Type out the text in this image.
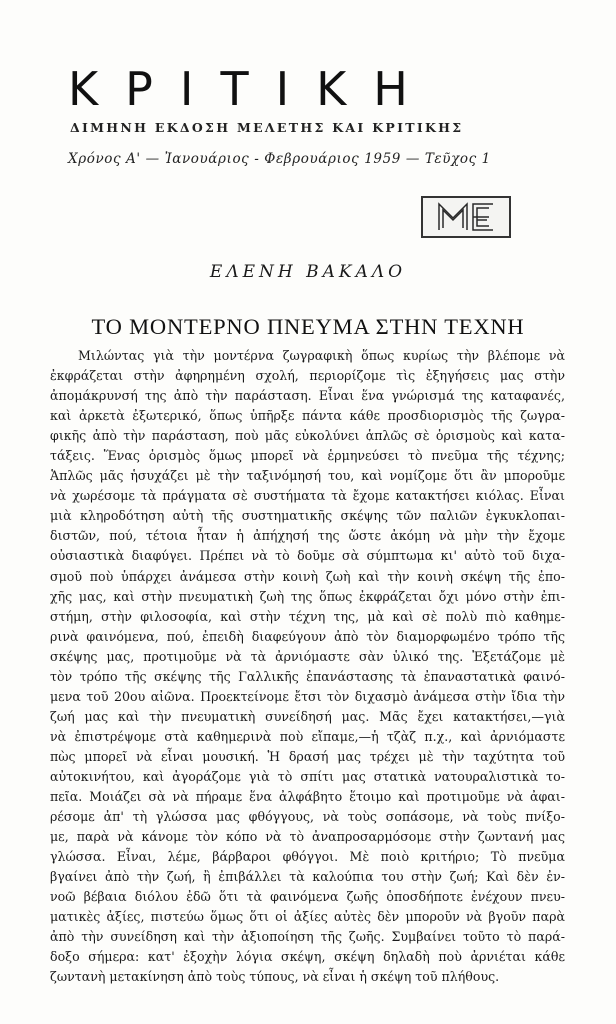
ΚΡΙΤΙΚΗ
ΔΙΜΗΝΗ ΕΚΔΟΣΗ ΜΕΛΕΤΗΣ ΚΑΙ ΚΡΙΤΙΚΗΣ
Χρόνος Α' — Ἰανουάριος - Φεβρουάριος 1959 — Τεῦχος 1
ΕΛΕΝΗ ΒΑΚΑΛΟ
ΤΟ ΜΟΝΤΕΡΝΟ ΠΝΕΥΜΑ ΣΤΗΝ ΤΕΧΝΗ
Μιλώντας γιὰ τὴν μοντέρνα ζωγραφικὴ ὅπως κυρίως τὴν βλέπομε νὰ
ἐκφράζεται στὴν ἀφηρημένη σχολή, περιορίζομε τὶς ἐξηγήσεις μας στὴν
ἀπομάκρυνσή της ἀπὸ τὴν παράσταση. Εἶναι ἕνα γνώρισμά της καταφανές,
καὶ ἀρκετὰ ἐξωτερικό, ὅπως ὑπῆρξε πάντα κάθε προσδιορισμὸς τῆς ζωγρα-
φικῆς ἀπὸ τὴν παράσταση, ποὺ μᾶς εὐκολύνει ἁπλῶς σὲ ὁρισμοὺς καὶ κατα-
τάξεις. Ἕνας ὁρισμὸς ὅμως μπορεῖ νὰ ἑρμηνεύσει τὸ πνεῦμα τῆς τέχνης;
Ἁπλῶς μᾶς ἡσυχάζει μὲ τὴν ταξινόμησή του, καὶ νομίζομε ὅτι ἂν μποροῦμε
νὰ χωρέσομε τὰ πράγματα σὲ συστήματα τὰ ἔχομε κατακτήσει κιόλας. Εἶναι
μιὰ κληροδότηση αὐτὴ τῆς συστηματικῆς σκέψης τῶν παλιῶν ἐγκυκλοπαι-
διστῶν, πού, τέτοια ἦταν ἡ ἀπήχησή της ὥστε ἀκόμη νὰ μὴν τὴν ἔχομε
οὐσιαστικὰ διαφύγει. Πρέπει νὰ τὸ δοῦμε σὰ σύμπτωμα κι' αὐτὸ τοῦ διχα-
σμοῦ ποὺ ὑπάρχει ἀνάμεσα στὴν κοινὴ ζωὴ καὶ τὴν κοινὴ σκέψη τῆς ἐπο-
χῆς μας, καὶ στὴν πνευματικὴ ζωὴ της ὅπως ἐκφράζεται ὄχι μόνο στὴν ἐπι-
στήμη, στὴν φιλοσοφία, καὶ στὴν τέχνη της, μὰ καὶ σὲ πολὺ πιὸ καθημε-
ρινὰ φαινόμενα, πού, ἐπειδὴ διαφεύγουν ἀπὸ τὸν διαμορφωμένο τρόπο τῆς
σκέψης μας, προτιμοῦμε νὰ τὰ ἀρνιόμαστε σὰν ὑλικό της. Ἐξετάζομε μὲ
τὸν τρόπο τῆς σκέψης τῆς Γαλλικῆς ἐπανάστασης τὰ ἐπαναστατικὰ φαινό-
μενα τοῦ 20ου αἰῶνα. Προεκτείνομε ἔτσι τὸν διχασμὸ ἀνάμεσα στὴν ἴδια τὴν
ζωή μας καὶ τὴν πνευματικὴ συνείδησή μας. Μᾶς ἔχει κατακτήσει,—γιὰ
νὰ ἐπιστρέψομε στὰ καθημερινὰ ποὺ εἴπαμε,—ἡ τζὰζ π.χ., καὶ ἀρνιόμαστε
πὼς μπορεῖ νὰ εἶναι μουσική. Ἡ δρασή μας τρέχει μὲ τὴν ταχύτητα τοῦ
αὐτοκινήτου, καὶ ἀγοράζομε γιὰ τὸ σπίτι μας στατικὰ νατουραλιστικὰ το-
πεῖα. Μοιάζει σὰ νὰ πήραμε ἕνα ἀλφάβητο ἕτοιμο καὶ προτιμοῦμε νὰ ἀφαι-
ρέσομε ἀπ' τὴ γλώσσα μας φθόγγους, νὰ τοὺς σοπάσομε, νὰ τοὺς πνίξο-
με, παρὰ νὰ κάνομε τὸν κόπο νὰ τὸ ἀναπροσαρμόσομε στὴν ζωντανή μας
γλώσσα. Εἶναι, λέμε, βάρβαροι φθόγγοι. Μὲ ποιὸ κριτήριο; Τὸ πνεῦμα
βγαίνει ἀπὸ τὴν ζωή, ἢ ἐπιβάλλει τὰ καλούπια του στὴν ζωή; Καὶ δὲν ἐν-
νοῶ βέβαια διόλου ἐδῶ ὅτι τὰ φαινόμενα ζωῆς ὁποσδήποτε ἐνέχουν πνευ-
ματικὲς ἀξίες, πιστεύω ὅμως ὅτι οἱ ἀξίες αὐτὲς δὲν μποροῦν νὰ βγοῦν παρὰ
ἀπὸ τὴν συνείδηση καὶ τὴν ἀξιοποίηση τῆς ζωῆς. Συμβαίνει τοῦτο τὸ παρά-
δοξο σήμερα: κατ' ἐξοχὴν λόγια σκέψη, σκέψη δηλαδὴ ποὺ ἀρνιέται κάθε
ζωντανὴ μετακίνηση ἀπὸ τοὺς τύπους, νὰ εἶναι ἡ σκέψη τοῦ πλήθους.
